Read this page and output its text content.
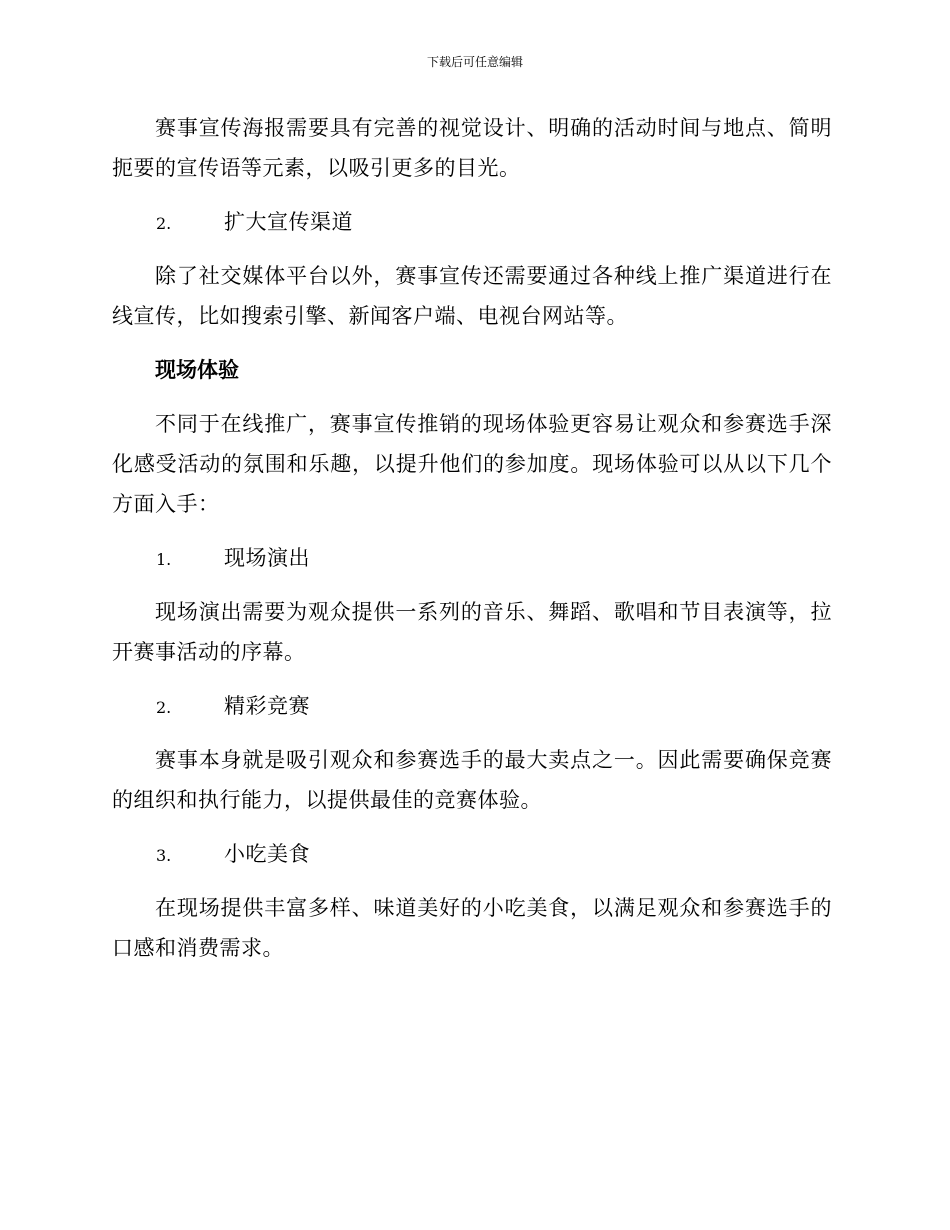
下载后可任意编辑

赛事宣传海报需要具有完善的视觉设计、明确的活动时间与地点、简明扼要的宣传语等元素，以吸引更多的目光。

2.	扩大宣传渠道

除了社交媒体平台以外，赛事宣传还需要通过各种线上推广渠道进行在线宣传，比如搜索引擎、新闻客户端、电视台网站等。

现场体验

不同于在线推广，赛事宣传推销的现场体验更容易让观众和参赛选手深化感受活动的氛围和乐趣，以提升他们的参加度。现场体验可以从以下几个方面入手：

1.	现场演出

现场演出需要为观众提供一系列的音乐、舞蹈、歌唱和节目表演等，拉开赛事活动的序幕。

2.	精彩竞赛

赛事本身就是吸引观众和参赛选手的最大卖点之一。因此需要确保竞赛的组织和执行能力，以提供最佳的竞赛体验。

3.	小吃美食

在现场提供丰富多样、味道美好的小吃美食，以满足观众和参赛选手的口感和消费需求。
